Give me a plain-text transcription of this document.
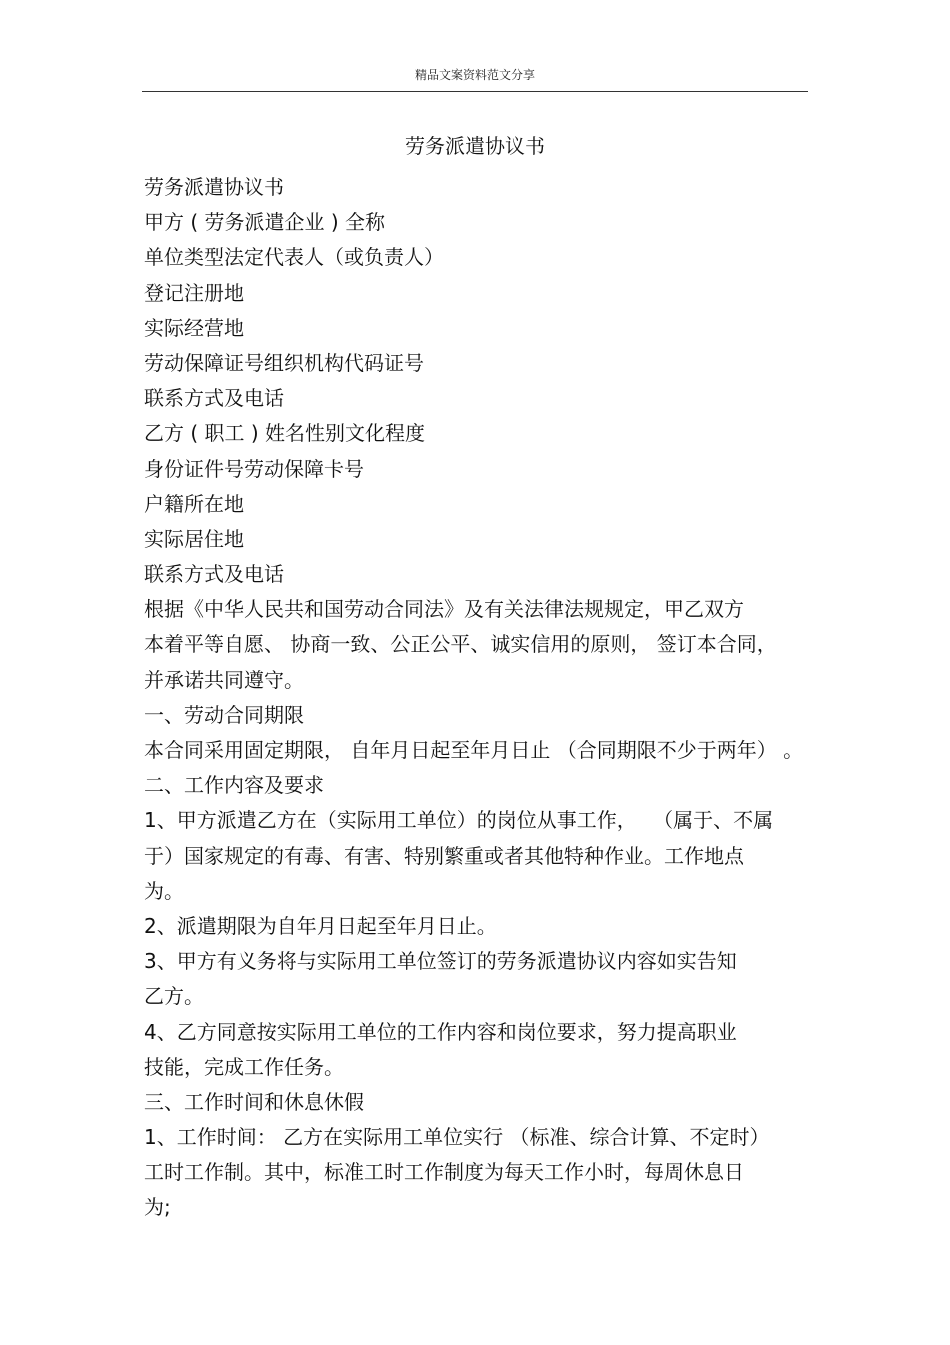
精品文案资料范文分享
劳务派遣协议书
劳务派遣协议书
甲方 ( 劳务派遣企业 ) 全称
单位类型法定代表人（或负责人）
登记注册地
实际经营地
劳动保障证号组织机构代码证号
联系方式及电话
乙方 ( 职工 ) 姓名性别文化程度
身份证件号劳动保障卡号
户籍所在地
实际居住地
联系方式及电话
根据《中华人民共和国劳动合同法》及有关法律法规规定，甲乙双方
本着平等自愿、 协商一致、公正公平、诚实信用的原则， 签订本合同，
并承诺共同遵守。
一、劳动合同期限
本合同采用固定期限， 自年月日起至年月日止 （合同期限不少于两年） 。
二、工作内容及要求
1、甲方派遣乙方在（实际用工单位）的岗位从事工作，　 （属于、不属
于）国家规定的有毒、有害、特别繁重或者其他特种作业。工作地点
为。
2、派遣期限为自年月日起至年月日止。
3、甲方有义务将与实际用工单位签订的劳务派遣协议内容如实告知
乙方。
4、乙方同意按实际用工单位的工作内容和岗位要求，努力提高职业
技能，完成工作任务。
三、工作时间和休息休假
1、工作时间： 乙方在实际用工单位实行 （标准、综合计算、不定时）
工时工作制。其中，标准工时工作制度为每天工作小时，每周休息日
为;
